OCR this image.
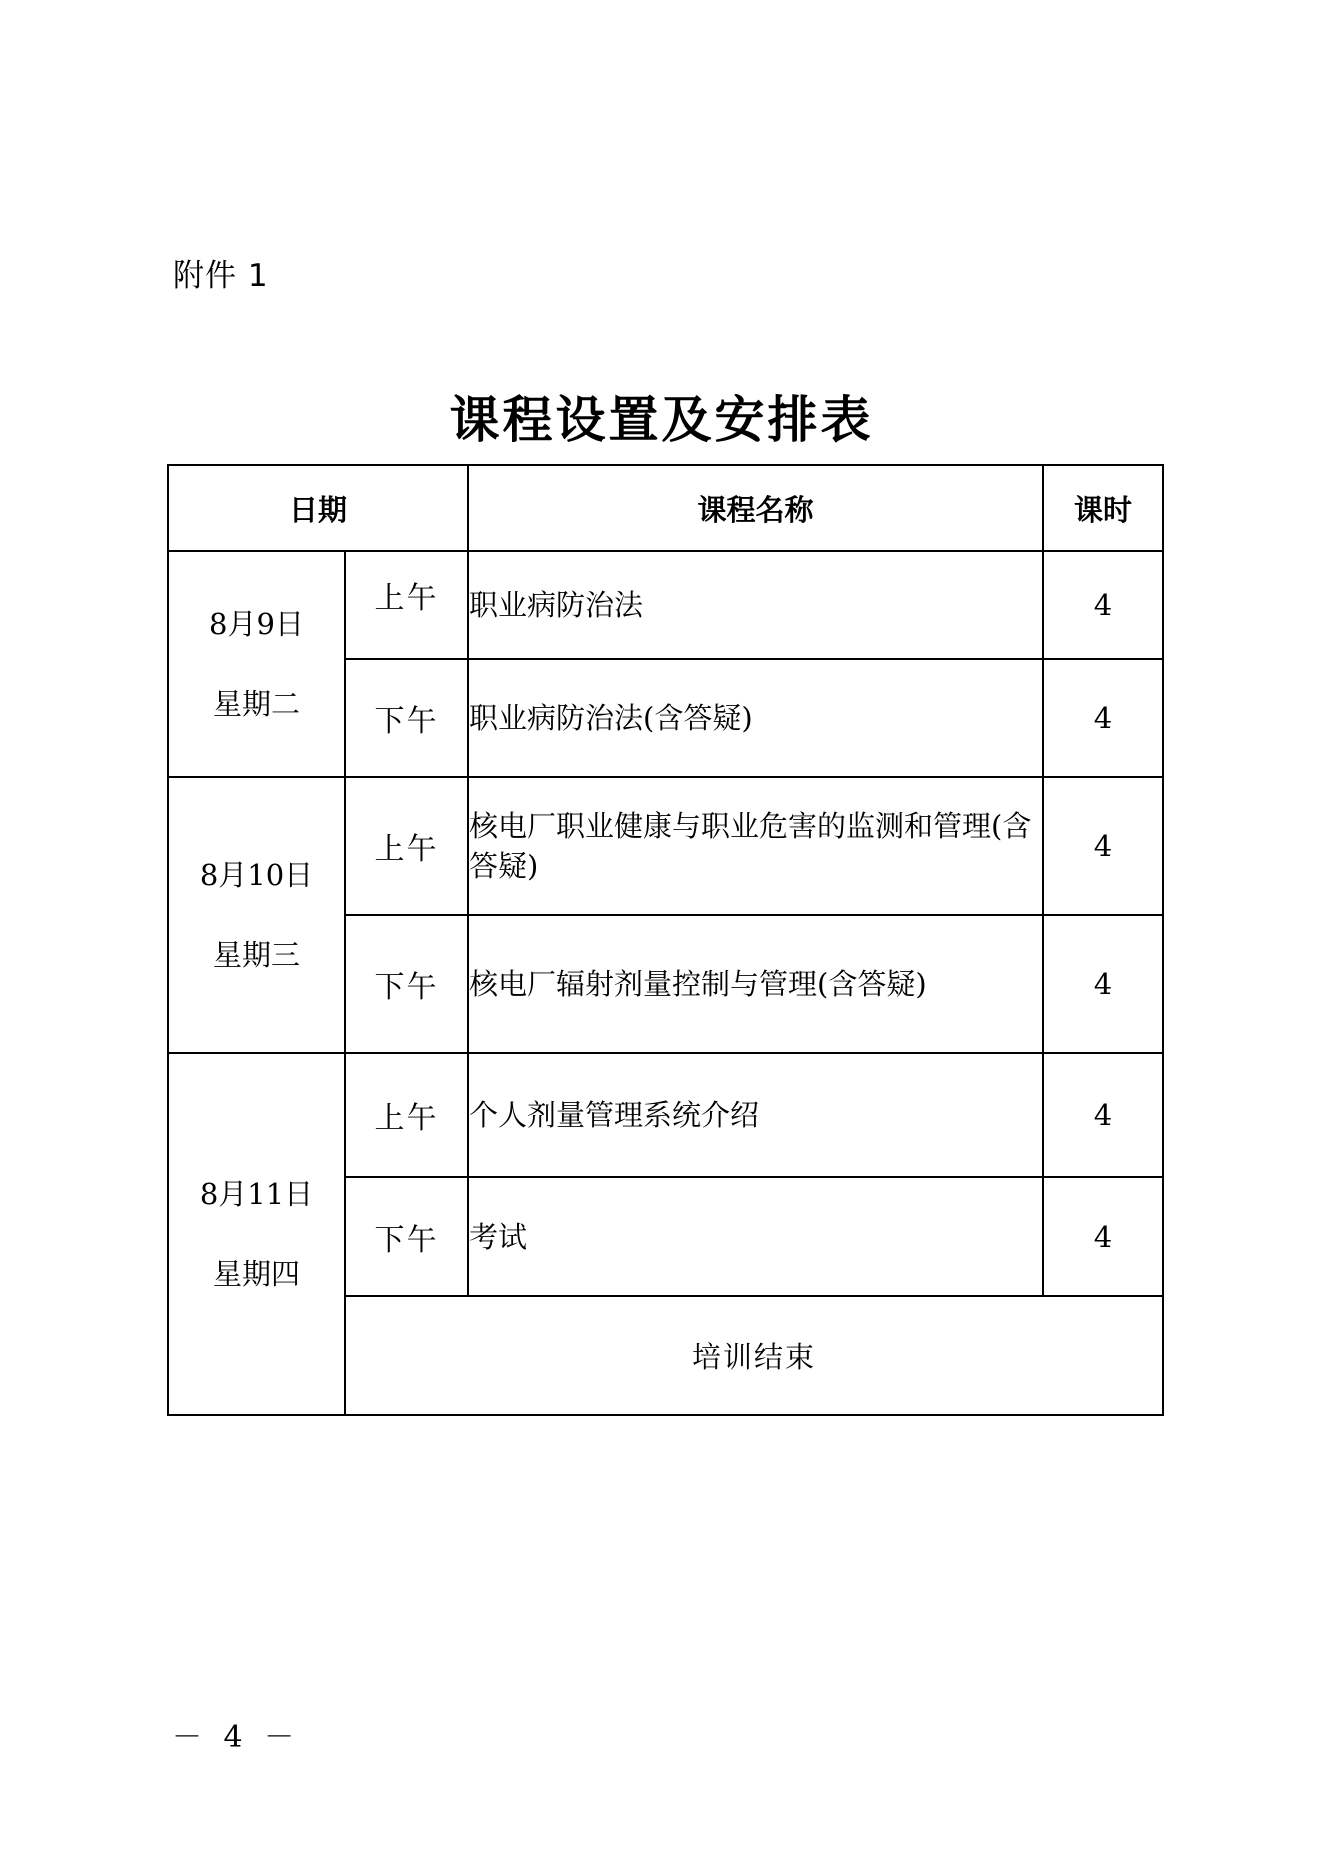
附件 1
课程设置及安排表
日期		课程名称	课时

8月9日
星期二	上午	职业病防治法	4

	下午	职业病防治法(含答疑)	4

8月10日
星期三	上午	核电厂职业健康与职业危害的监测和管理(含答疑)	4

	下午	核电厂辐射剂量控制与管理(含答疑)	4

8月11日
星期四	上午	个人剂量管理系统介绍	4

	下午	考试	4
	培训结束		
－ 4 －
